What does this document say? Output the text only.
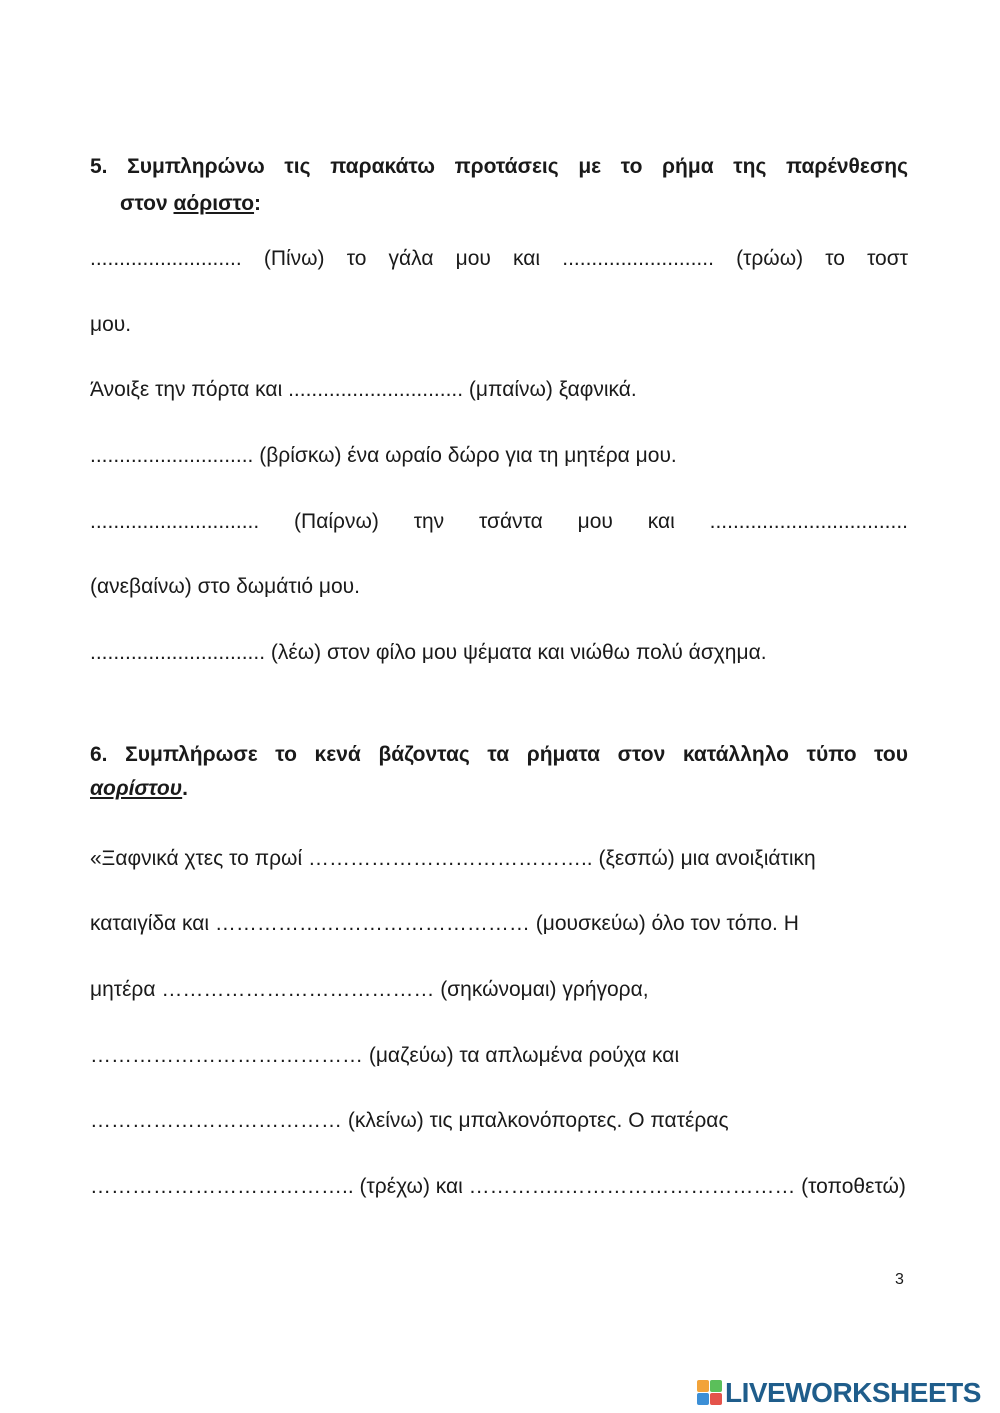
5. Συμπληρώνω τις παρακάτω προτάσεις με το ρήμα της παρένθεσης
στον αόριστο:
.......................... (Πίνω) το γάλα μου και .......................... (τρώω) το τοστ
μου.
Άνοιξε την πόρτα και .............................. (μπαίνω) ξαφνικά.
............................ (βρίσκω) ένα ωραίο δώρο για τη μητέρα μου.
............................. (Παίρνω) την τσάντα μου και ..................................
(ανεβαίνω) στο δωμάτιό μου.
.............................. (λέω) στον φίλο μου ψέματα και νιώθω πολύ άσχημα.
6. Συμπλήρωσε το κενά βάζοντας τα ρήματα στον κατάλληλο τύπο του
αορίστου.
«Ξαφνικά χτες το πρωί ………………………………….. (ξεσπώ) μια ανοιξιάτικη
καταιγίδα και ……………………………………… (μουσκεύω) όλο τον τόπο. Η
μητέρα ………………………………… (σηκώνομαι) γρήγορα,
………………………………… (μαζεύω) τα απλωμένα ρούχα και
……………………………… (κλείνω) τις μπαλκονόπορτες. Ο πατέρας
……………………………….. (τρέχω) και …………..…………………………… (τοποθετώ)
3
LIVEWORKSHEETS
